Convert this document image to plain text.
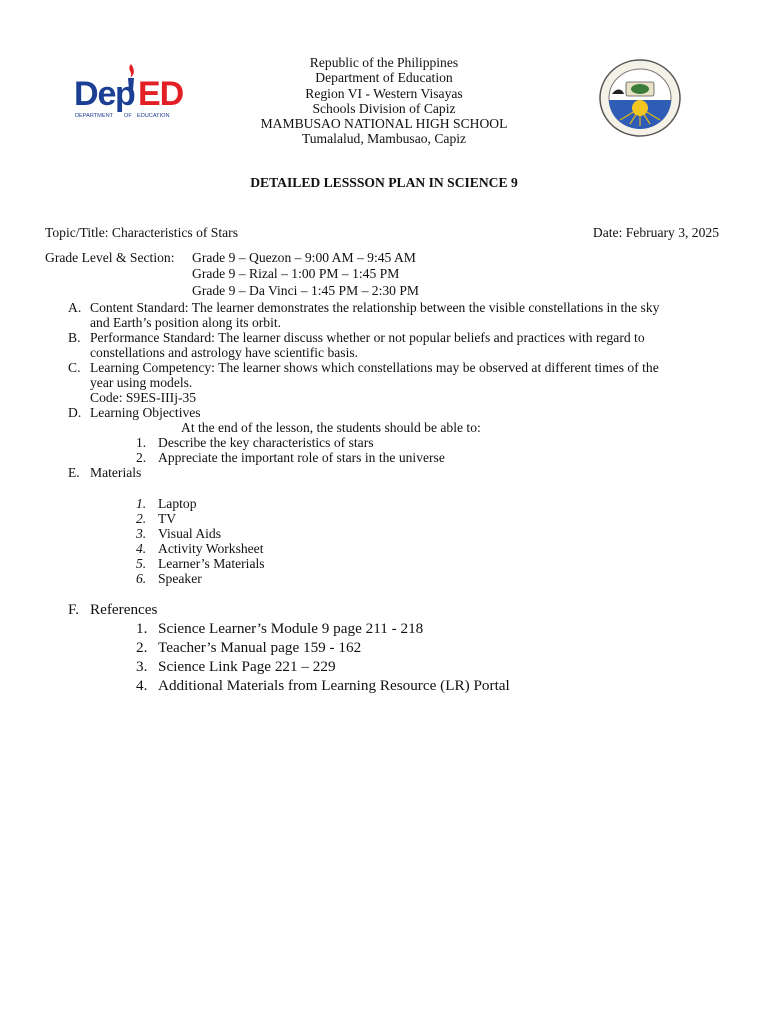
De p ED
DEPARTMENT OF EDUCATION
Republic of the Philippines
Department of Education
Region VI - Western Visayas
Schools Division of Capiz
MAMBUSAO NATIONAL HIGH SCHOOL
Tumalalud, Mambusao, Capiz
DETAILED LESSSON PLAN IN SCIENCE 9
Topic/Title: Characteristics of Stars	Date: February 3, 2025
Grade Level & Section: Grade 9 – Quezon – 9:00 AM – 9:45 AM
Grade 9 – Rizal – 1:00 PM – 1:45 PM
Grade 9 – Da Vinci – 1:45 PM – 2:30 PM
A. Content Standard: The learner demonstrates the relationship between the visible constellations in the sky
and Earth’s position along its orbit.
B. Performance Standard: The learner discuss whether or not popular beliefs and practices with regard to
constellations and astrology have scientific basis.
C. Learning Competency: The learner shows which constellations may be observed at different times of the
year using models.
Code: S9ES-IIIj-35
D. Learning Objectives
At the end of the lesson, the students should be able to:
1. Describe the key characteristics of stars
2. Appreciate the important role of stars in the universe
E. Materials
1. Laptop
2. TV
3. Visual Aids
4. Activity Worksheet
5. Learner’s Materials
6. Speaker
F. References
1. Science Learner’s Module 9 page 211 - 218
2. Teacher’s Manual page 159 - 162
3. Science Link Page 221 – 229
4. Additional Materials from Learning Resource (LR) Portal
